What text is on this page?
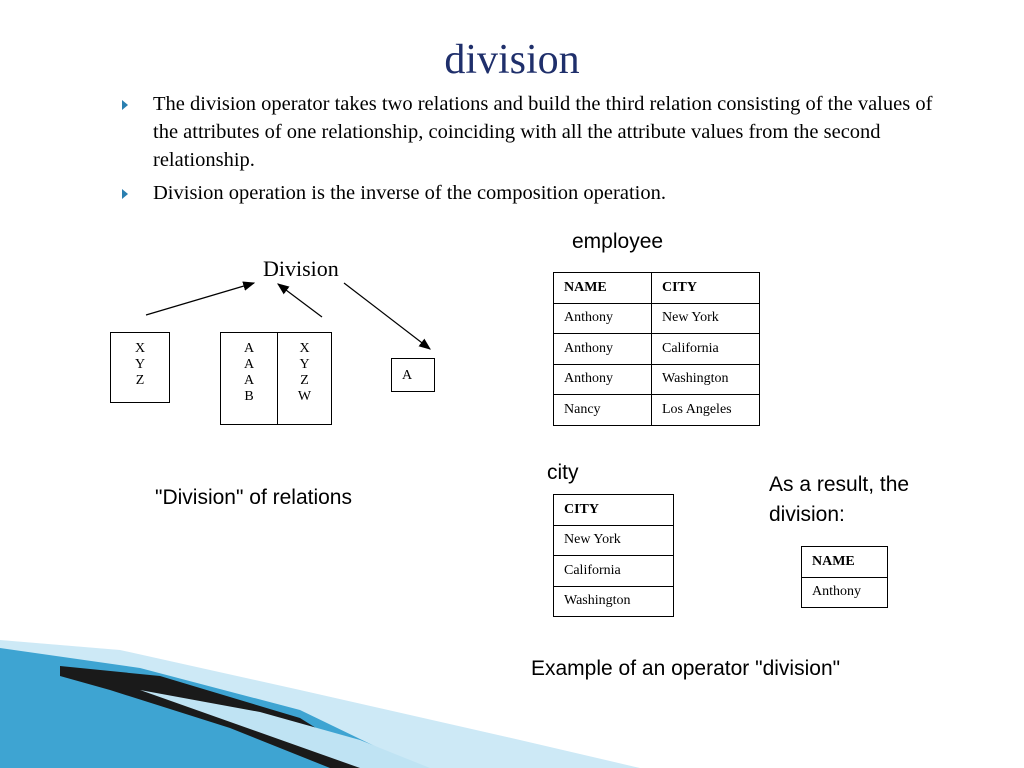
division
The division operator takes two relations and build the third relation consisting of the values of the attributes of one relationship, coinciding with all the attribute values from the second relationship.
Division operation is the inverse of the composition operation.
Division
X
Y
Z
A
A
A
B
X
Y
Z
W
A
"Division" of relations
employee
NAME	CITY
Anthony	New York
Anthony	California
Anthony	Washington
Nancy	Los Angeles
city
CITY
New York
California
Washington
As a result, the
division:
NAME
Anthony
Example of an operator "division"
